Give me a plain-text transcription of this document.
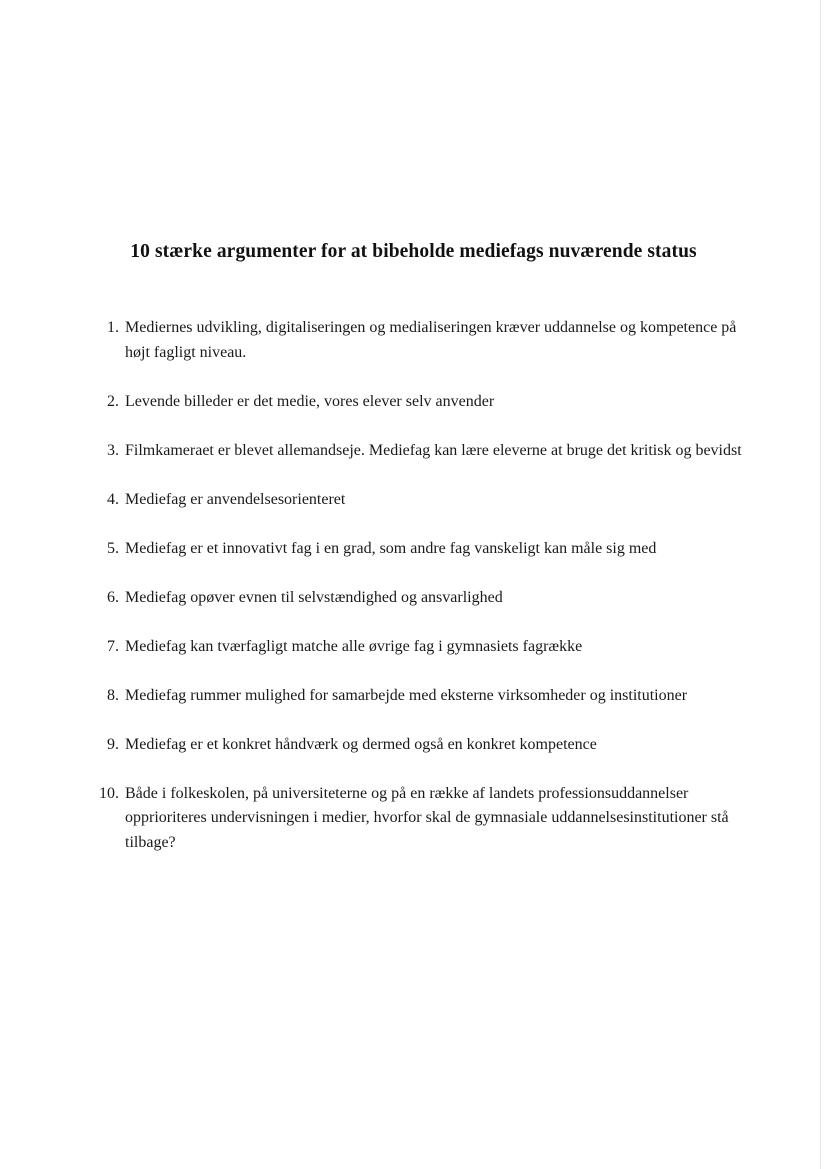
10 stærke argumenter for at bibeholde mediefags nuværende status
1. Mediernes udvikling, digitaliseringen og medialiseringen kræver uddannelse og kompetence på højt fagligt niveau.
2. Levende billeder er det medie, vores elever selv anvender
3. Filmkameraet er blevet allemandseje. Mediefag kan lære eleverne at bruge det kritisk og bevidst
4. Mediefag er anvendelsesorienteret
5. Mediefag er et innovativt fag i en grad, som andre fag vanskeligt kan måle sig med
6. Mediefag opøver evnen til selvstændighed og ansvarlighed
7. Mediefag kan tværfagligt matche alle øvrige fag i gymnasiets fagrække
8. Mediefag rummer mulighed for samarbejde med eksterne virksomheder og institutioner
9. Mediefag er et konkret håndværk og dermed også en konkret kompetence
10. Både i folkeskolen, på universiteterne og på en række af landets professionsuddannelser opprioriteres undervisningen i medier, hvorfor skal de gymnasiale uddannelsesinstitutioner stå tilbage?
